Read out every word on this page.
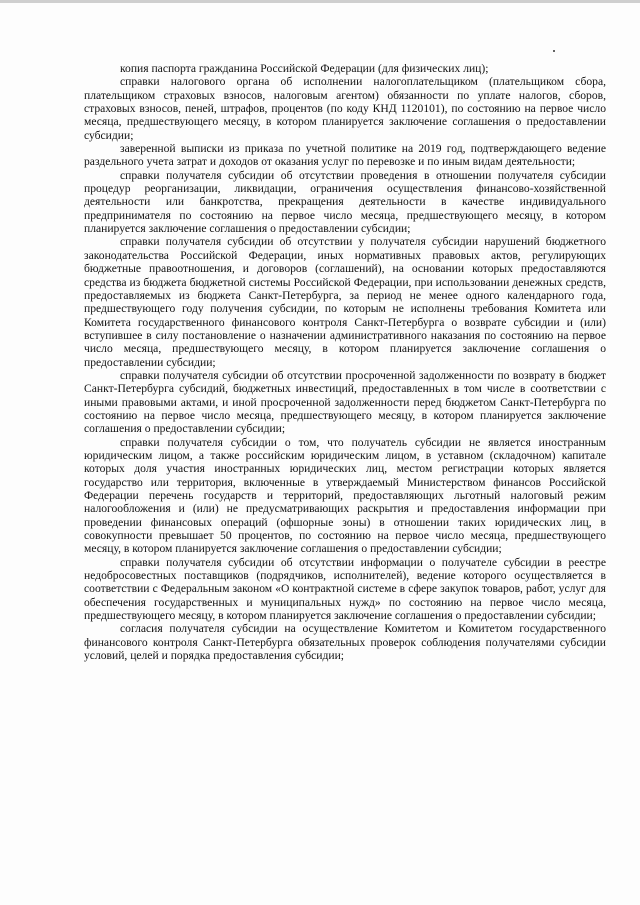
копия паспорта гражданина Российской Федерации (для физических лиц);

справки налогового органа об исполнении налогоплательщиком (плательщиком сбора, плательщиком страховых взносов, налоговым агентом) обязанности по уплате налогов, сборов, страховых взносов, пеней, штрафов, процентов (по коду КНД 1120101), по состоянию на первое число месяца, предшествующего месяцу, в котором планируется заключение соглашения о предоставлении субсидии;

заверенной выписки из приказа по учетной политике на 2019 год, подтверждающего ведение раздельного учета затрат и доходов от оказания услуг по перевозке и по иным видам деятельности;

справки получателя субсидии об отсутствии проведения в отношении получателя субсидии процедур реорганизации, ликвидации, ограничения осуществления финансово-хозяйственной деятельности или банкротства, прекращения деятельности в качестве индивидуального предпринимателя по состоянию на первое число месяца, предшествующего месяцу, в котором планируется заключение соглашения о предоставлении субсидии;

справки получателя субсидии об отсутствии у получателя субсидии нарушений бюджетного законодательства Российской Федерации, иных нормативных правовых актов, регулирующих бюджетные правоотношения, и договоров (соглашений), на основании которых предоставляются средства из бюджета бюджетной системы Российской Федерации, при использовании денежных средств, предоставляемых из бюджета Санкт-Петербурга, за период не менее одного календарного года, предшествующего году получения субсидии, по которым не исполнены требования Комитета или Комитета государственного финансового контроля Санкт-Петербурга о возврате субсидии и (или) вступившее в силу постановление о назначении административного наказания по состоянию на первое число месяца, предшествующего месяцу, в котором планируется заключение соглашения о предоставлении субсидии;

справки получателя субсидии об отсутствии просроченной задолженности по возврату в бюджет Санкт-Петербурга субсидий, бюджетных инвестиций, предоставленных в том числе в соответствии с иными правовыми актами, и иной просроченной задолженности перед бюджетом Санкт-Петербурга по состоянию на первое число месяца, предшествующего месяцу, в котором планируется заключение соглашения о предоставлении субсидии;

справки получателя субсидии о том, что получатель субсидии не является иностранным юридическим лицом, а также российским юридическим лицом, в уставном (складочном) капитале которых доля участия иностранных юридических лиц, местом регистрации которых является государство или территория, включенные в утверждаемый Министерством финансов Российской Федерации перечень государств и территорий, предоставляющих льготный налоговый режим налогообложения и (или) не предусматривающих раскрытия и предоставления информации при проведении финансовых операций (офшорные зоны) в отношении таких юридических лиц, в совокупности превышает 50 процентов, по состоянию на первое число месяца, предшествующего месяцу, в котором планируется заключение соглашения о предоставлении субсидии;

справки получателя субсидии об отсутствии информации о получателе субсидии в реестре недобросовестных поставщиков (подрядчиков, исполнителей), ведение которого осуществляется в соответствии с Федеральным законом «О контрактной системе в сфере закупок товаров, работ, услуг для обеспечения государственных и муниципальных нужд» по состоянию на первое число месяца, предшествующего месяцу, в котором планируется заключение соглашения о предоставлении субсидии;

согласия получателя субсидии на осуществление Комитетом и Комитетом государственного финансового контроля Санкт-Петербурга обязательных проверок соблюдения получателями субсидии условий, целей и порядка предоставления субсидии;
